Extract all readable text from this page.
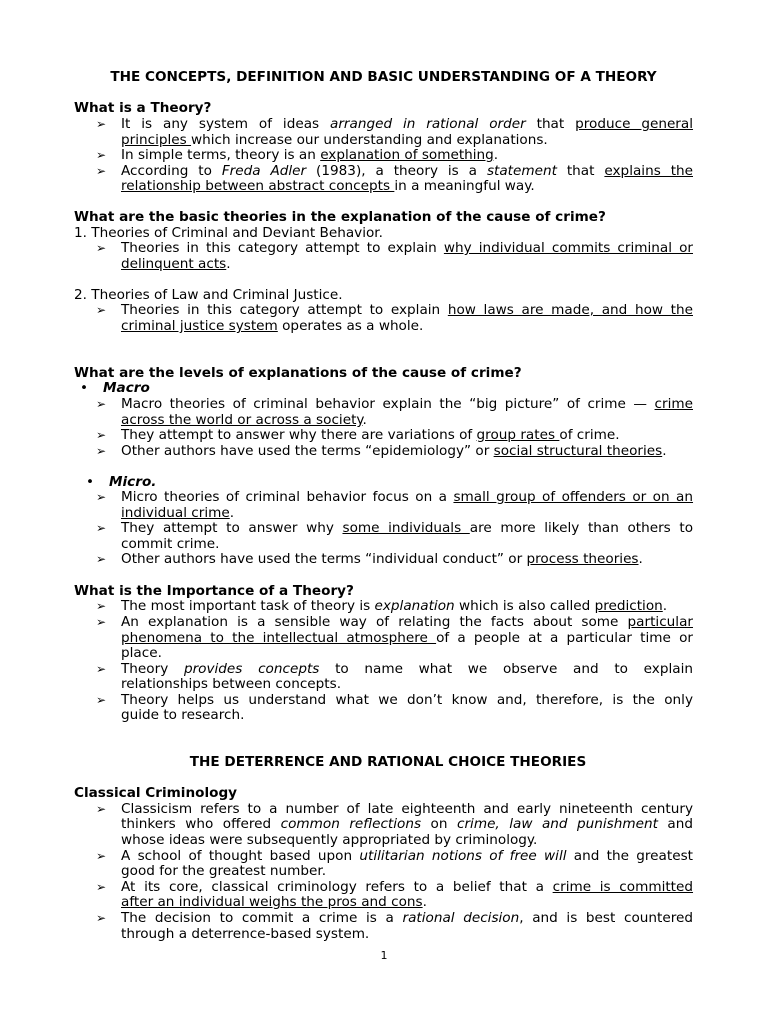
THE CONCEPTS, DEFINITION AND BASIC UNDERSTANDING OF A THEORY
What is a Theory?
➢ It is any system of ideas arranged in rational order that produce general
principles which increase our understanding and explanations.
➢ In simple terms, theory is an explanation of something.
➢ According to Freda Adler (1983), a theory is a statement that explains the
relationship between abstract concepts in a meaningful way.
What are the basic theories in the explanation of the cause of crime?
1. Theories of Criminal and Deviant Behavior.
➢ Theories in this category attempt to explain why individual commits criminal or
delinquent acts.
2. Theories of Law and Criminal Justice.
➢ Theories in this category attempt to explain how laws are made, and how the
criminal justice system operates as a whole.
What are the levels of explanations of the cause of crime?
• Macro
➢ Macro theories of criminal behavior explain the “big picture” of crime — crime
across the world or across a society.
➢ They attempt to answer why there are variations of group rates of crime.
➢ Other authors have used the terms “epidemiology” or social structural theories.
• Micro.
➢ Micro theories of criminal behavior focus on a small group of offenders or on an
individual crime.
➢ They attempt to answer why some individuals are more likely than others to
commit crime.
➢ Other authors have used the terms “individual conduct” or process theories.
What is the Importance of a Theory?
➢ The most important task of theory is explanation which is also called prediction.
➢ An explanation is a sensible way of relating the facts about some particular
phenomena to the intellectual atmosphere of a people at a particular time or
place.
➢ Theory provides concepts to name what we observe and to explain
relationships between concepts.
➢ Theory helps us understand what we don’t know and, therefore, is the only
guide to research.
THE DETERRENCE AND RATIONAL CHOICE THEORIES
Classical Criminology
➢ Classicism refers to a number of late eighteenth and early nineteenth century
thinkers who offered common reflections on crime, law and punishment and
whose ideas were subsequently appropriated by criminology.
➢ A school of thought based upon utilitarian notions of free will and the greatest
good for the greatest number.
➢ At its core, classical criminology refers to a belief that a crime is committed
after an individual weighs the pros and cons.
➢ The decision to commit a crime is a rational decision, and is best countered
through a deterrence-based system.
1
